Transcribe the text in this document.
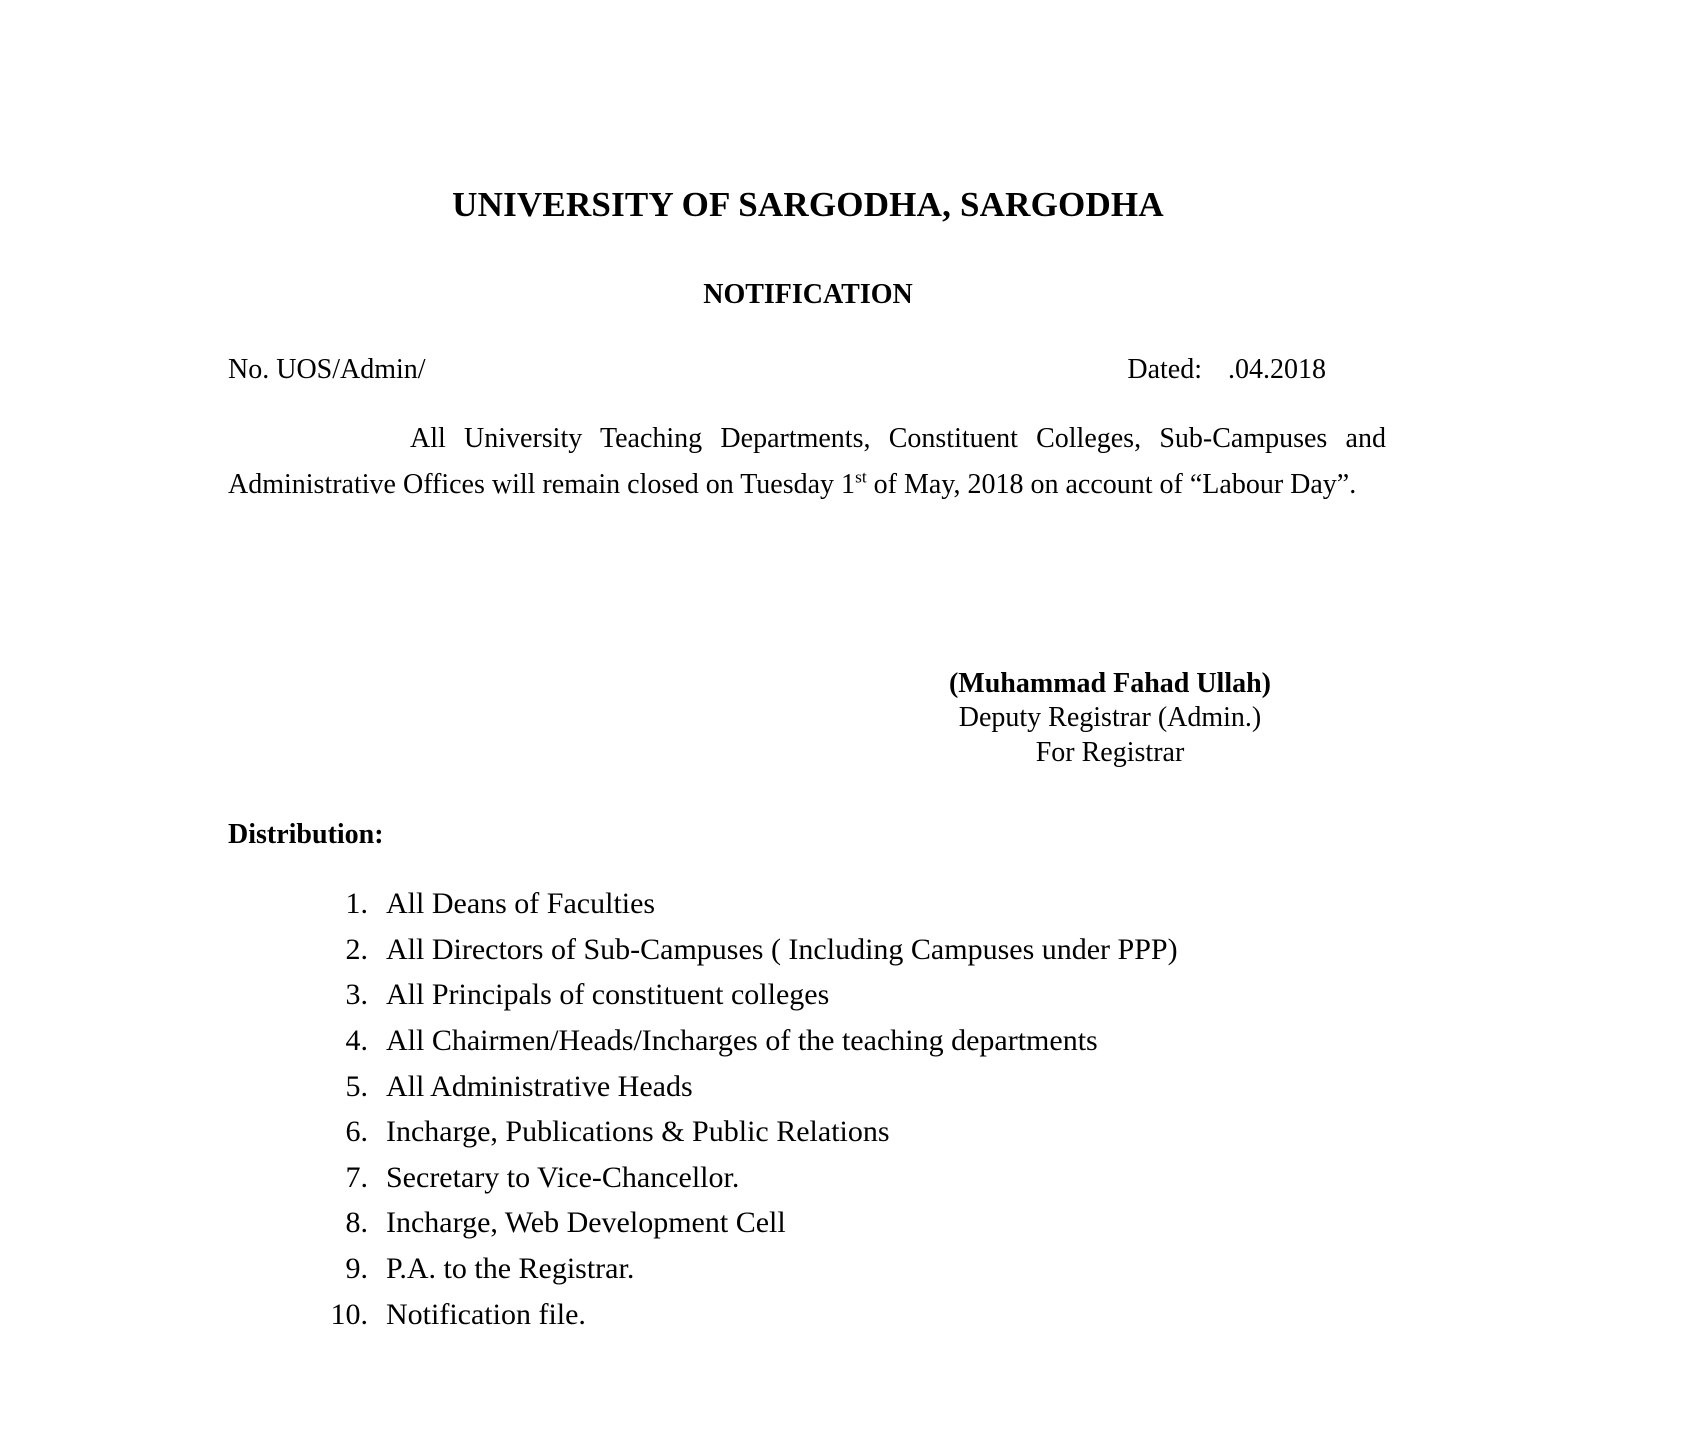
UNIVERSITY OF SARGODHA, SARGODHA
NOTIFICATION
No. UOS/Admin/	Dated: .04.2018

All University Teaching Departments, Constituent Colleges, Sub-Campuses and Administrative Offices will remain closed on Tuesday 1st of May, 2018 on account of “Labour Day”.

(Muhammad Fahad Ullah)
Deputy Registrar (Admin.)
For Registrar
Distribution:
1. All Deans of Faculties
2. All Directors of Sub-Campuses ( Including Campuses under PPP)
3. All Principals of constituent colleges
4. All Chairmen/Heads/Incharges of the teaching departments
5. All Administrative Heads
6. Incharge, Publications & Public Relations
7. Secretary to Vice-Chancellor.
8. Incharge, Web Development Cell
9. P.A. to the Registrar.
10. Notification file.
